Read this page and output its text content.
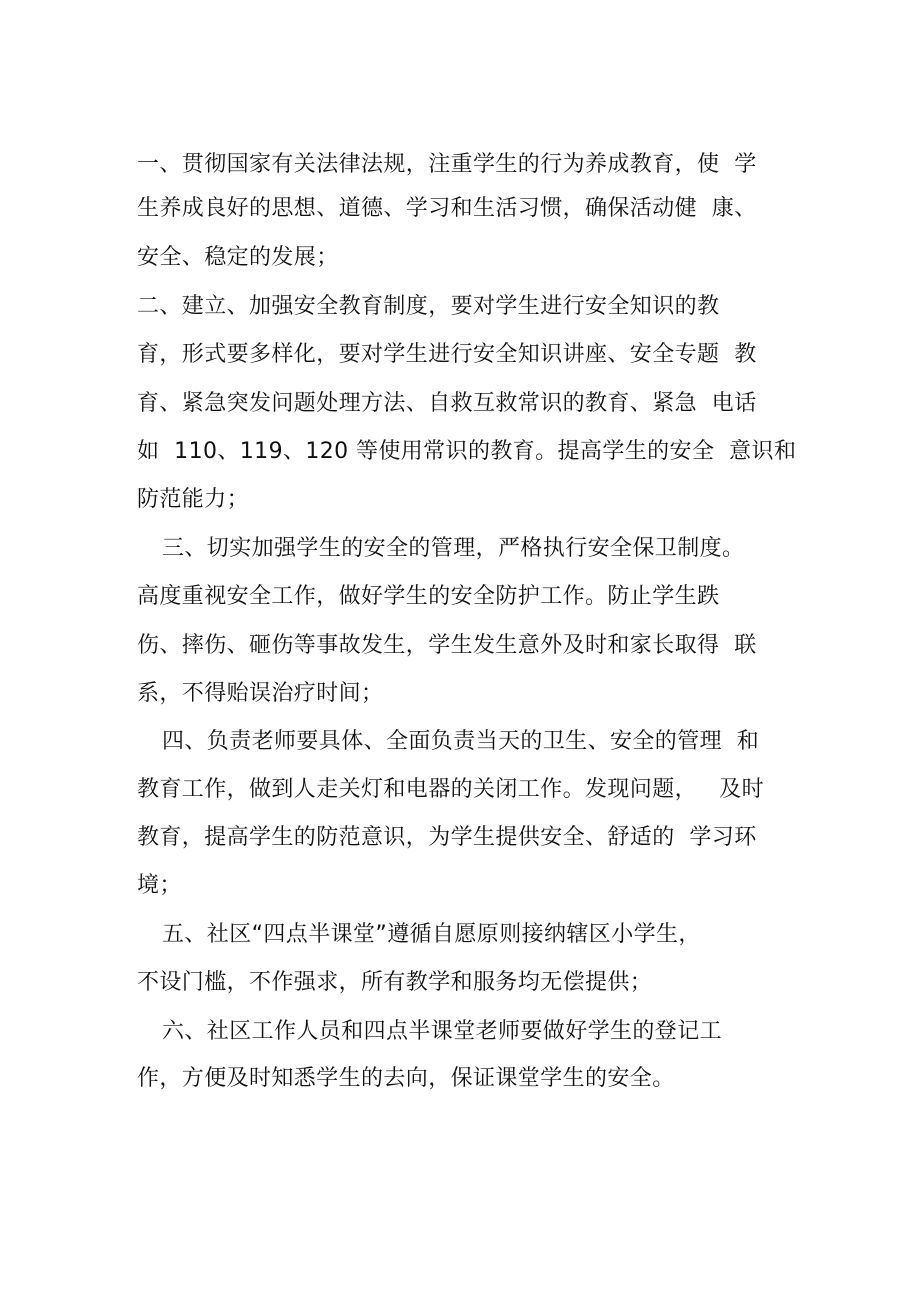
一、贯彻国家有关法律法规，注重学生的行为养成教育，使  学
生养成良好的思想、道德、学习和生活习惯，确保活动健  康、
安全、稳定的发展；
二、建立、加强安全教育制度，要对学生进行安全知识的教
育，形式要多样化，要对学生进行安全知识讲座、安全专题  教
育、紧急突发问题处理方法、自救互救常识的教育、紧急  电话
如  110、119、120 等使用常识的教育。提高学生的安全  意识和
防范能力；
三、切实加强学生的安全的管理，严格执行安全保卫制度。
高度重视安全工作，做好学生的安全防护工作。防止学生跌
伤、摔伤、砸伤等事故发生，学生发生意外及时和家长取得  联
系，不得贻误治疗时间；
四、负责老师要具体、全面负责当天的卫生、安全的管理  和
教育工作，做到人走关灯和电器的关闭工作。发现问题，   及时
教育，提高学生的防范意识，为学生提供安全、舒适的  学习环
境；
五、社区“四点半课堂”遵循自愿原则接纳辖区小学生，
不设门槛，不作强求，所有教学和服务均无偿提供；
六、社区工作人员和四点半课堂老师要做好学生的登记工
作，方便及时知悉学生的去向，保证课堂学生的安全。
